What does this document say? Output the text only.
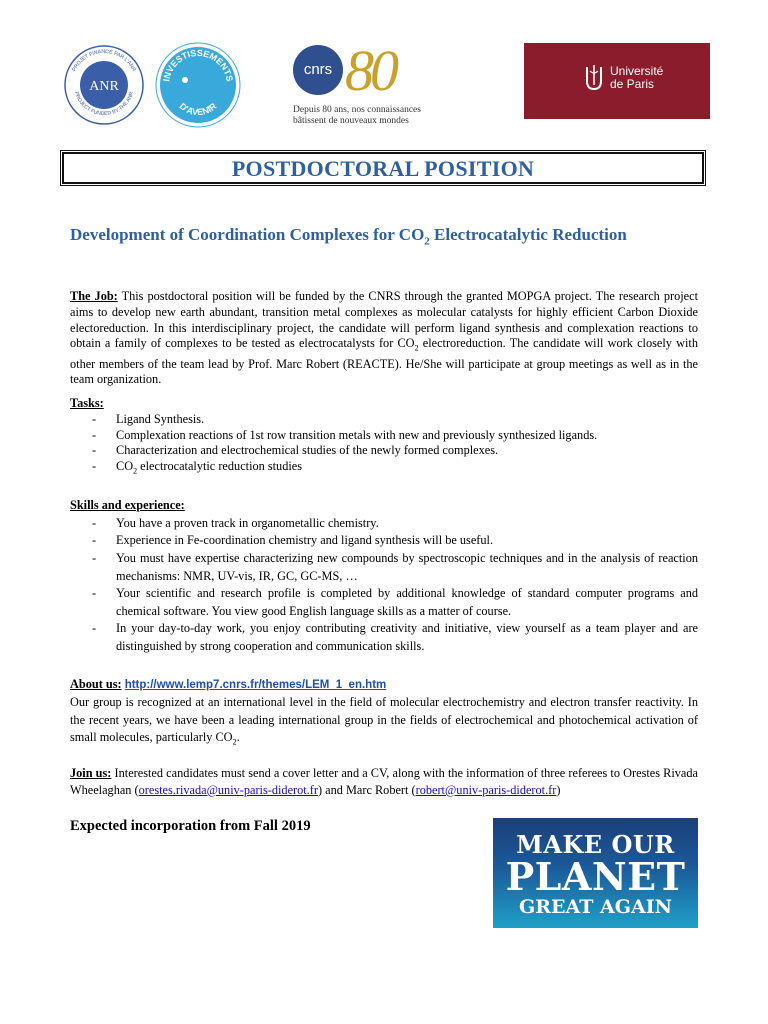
PROJET FINANCÉ PAR L'ANR
PROJECT FUNDED BY THE ANR
ANR	INVESTISSEMENTS
D'AVENIR
cnrs 80
Depuis 80 ans, nos connaissances
bâtissent de nouveaux mondes
Université
de Paris
POSTDOCTORAL POSITION
Development of Coordination Complexes for $CO_2$ Electrocatalytic Reduction
The Job: This postdoctoral position will be funded by the CNRS through the granted MOPGA project. The research project aims to develop new earth abundant, transition metal complexes as molecular catalysts for highly efficient Carbon Dioxide electoreduction. In this interdisciplinary project, the candidate will perform ligand synthesis and complexation reactions to obtain a family of complexes to be tested as electrocatalysts for $CO_2$ electroreduction. The candidate will work closely with other members of the team lead by Prof. Marc Robert (REACTE). He/She will participate at group meetings as well as in the team organization.
Tasks:
- Ligand Synthesis.
- Complexation reactions of 1st row transition metals with new and previously synthesized ligands.
- Characterization and electrochemical studies of the newly formed complexes.
- $CO_2$ electrocatalytic reduction studies
Skills and experience:
- You have a proven track in organometallic chemistry.
- Experience in Fe-coordination chemistry and ligand synthesis will be useful.
- You must have expertise characterizing new compounds by spectroscopic techniques and in the analysis of reaction mechanisms: NMR, UV-vis, IR, GC, GC-MS, …
- Your scientific and research profile is completed by additional knowledge of standard computer programs and chemical software. You view good English language skills as a matter of course.
- In your day-to-day work, you enjoy contributing creativity and initiative, view yourself as a team player and are distinguished by strong cooperation and communication skills.
About us: http://www.lemp7.cnrs.fr/themes/LEM_1_en.htm
Our group is recognized at an international level in the field of molecular electrochemistry and electron transfer reactivity. In the recent years, we have been a leading international group in the fields of electrochemical and photochemical activation of small molecules, particularly $CO_2$.
Join us: Interested candidates must send a cover letter and a CV, along with the information of three referees to Orestes Rivada Wheelaghan (orestes.rivada@univ-paris-diderot.fr) and Marc Robert (robert@univ-paris-diderot.fr)
Expected incorporation from Fall 2019
MAKE OUR
PLANET
GREAT AGAIN
